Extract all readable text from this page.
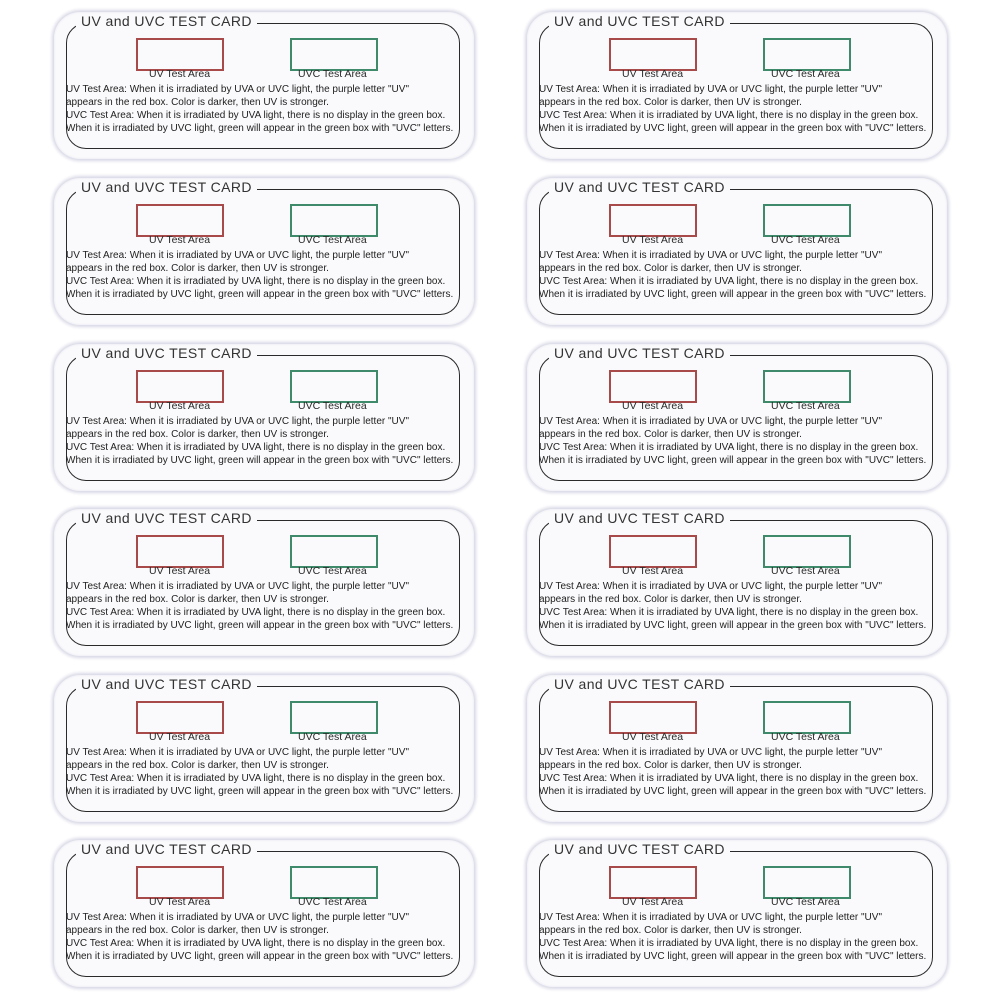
UV and UVC TEST CARD
UV Test Area	UVC Test Area
UV Test Area: When it is irradiated by UVA or UVC light, the purple letter "UV"
appears in the red box. Color is darker, then UV is stronger.
UVC Test Area: When it is irradiated by UVA light, there is no display in the green box.
When it is irradiated by UVC light, green will appear in the green box with "UVC" letters.
UV and UVC TEST CARD
UV Test Area	UVC Test Area
UV Test Area: When it is irradiated by UVA or UVC light, the purple letter "UV"
appears in the red box. Color is darker, then UV is stronger.
UVC Test Area: When it is irradiated by UVA light, there is no display in the green box.
When it is irradiated by UVC light, green will appear in the green box with "UVC" letters.
UV and UVC TEST CARD
UV Test Area	UVC Test Area
UV Test Area: When it is irradiated by UVA or UVC light, the purple letter "UV"
appears in the red box. Color is darker, then UV is stronger.
UVC Test Area: When it is irradiated by UVA light, there is no display in the green box.
When it is irradiated by UVC light, green will appear in the green box with "UVC" letters.
UV and UVC TEST CARD
UV Test Area	UVC Test Area
UV Test Area: When it is irradiated by UVA or UVC light, the purple letter "UV"
appears in the red box. Color is darker, then UV is stronger.
UVC Test Area: When it is irradiated by UVA light, there is no display in the green box.
When it is irradiated by UVC light, green will appear in the green box with "UVC" letters.
UV and UVC TEST CARD
UV Test Area	UVC Test Area
UV Test Area: When it is irradiated by UVA or UVC light, the purple letter "UV"
appears in the red box. Color is darker, then UV is stronger.
UVC Test Area: When it is irradiated by UVA light, there is no display in the green box.
When it is irradiated by UVC light, green will appear in the green box with "UVC" letters.
UV and UVC TEST CARD
UV Test Area	UVC Test Area
UV Test Area: When it is irradiated by UVA or UVC light, the purple letter "UV"
appears in the red box. Color is darker, then UV is stronger.
UVC Test Area: When it is irradiated by UVA light, there is no display in the green box.
When it is irradiated by UVC light, green will appear in the green box with "UVC" letters.
UV and UVC TEST CARD
UV Test Area	UVC Test Area
UV Test Area: When it is irradiated by UVA or UVC light, the purple letter "UV"
appears in the red box. Color is darker, then UV is stronger.
UVC Test Area: When it is irradiated by UVA light, there is no display in the green box.
When it is irradiated by UVC light, green will appear in the green box with "UVC" letters.
UV and UVC TEST CARD
UV Test Area	UVC Test Area
UV Test Area: When it is irradiated by UVA or UVC light, the purple letter "UV"
appears in the red box. Color is darker, then UV is stronger.
UVC Test Area: When it is irradiated by UVA light, there is no display in the green box.
When it is irradiated by UVC light, green will appear in the green box with "UVC" letters.
UV and UVC TEST CARD
UV Test Area	UVC Test Area
UV Test Area: When it is irradiated by UVA or UVC light, the purple letter "UV"
appears in the red box. Color is darker, then UV is stronger.
UVC Test Area: When it is irradiated by UVA light, there is no display in the green box.
When it is irradiated by UVC light, green will appear in the green box with "UVC" letters.
UV and UVC TEST CARD
UV Test Area	UVC Test Area
UV Test Area: When it is irradiated by UVA or UVC light, the purple letter "UV"
appears in the red box. Color is darker, then UV is stronger.
UVC Test Area: When it is irradiated by UVA light, there is no display in the green box.
When it is irradiated by UVC light, green will appear in the green box with "UVC" letters.
UV and UVC TEST CARD
UV Test Area	UVC Test Area
UV Test Area: When it is irradiated by UVA or UVC light, the purple letter "UV"
appears in the red box. Color is darker, then UV is stronger.
UVC Test Area: When it is irradiated by UVA light, there is no display in the green box.
When it is irradiated by UVC light, green will appear in the green box with "UVC" letters.
UV and UVC TEST CARD
UV Test Area	UVC Test Area
UV Test Area: When it is irradiated by UVA or UVC light, the purple letter "UV"
appears in the red box. Color is darker, then UV is stronger.
UVC Test Area: When it is irradiated by UVA light, there is no display in the green box.
When it is irradiated by UVC light, green will appear in the green box with "UVC" letters.
